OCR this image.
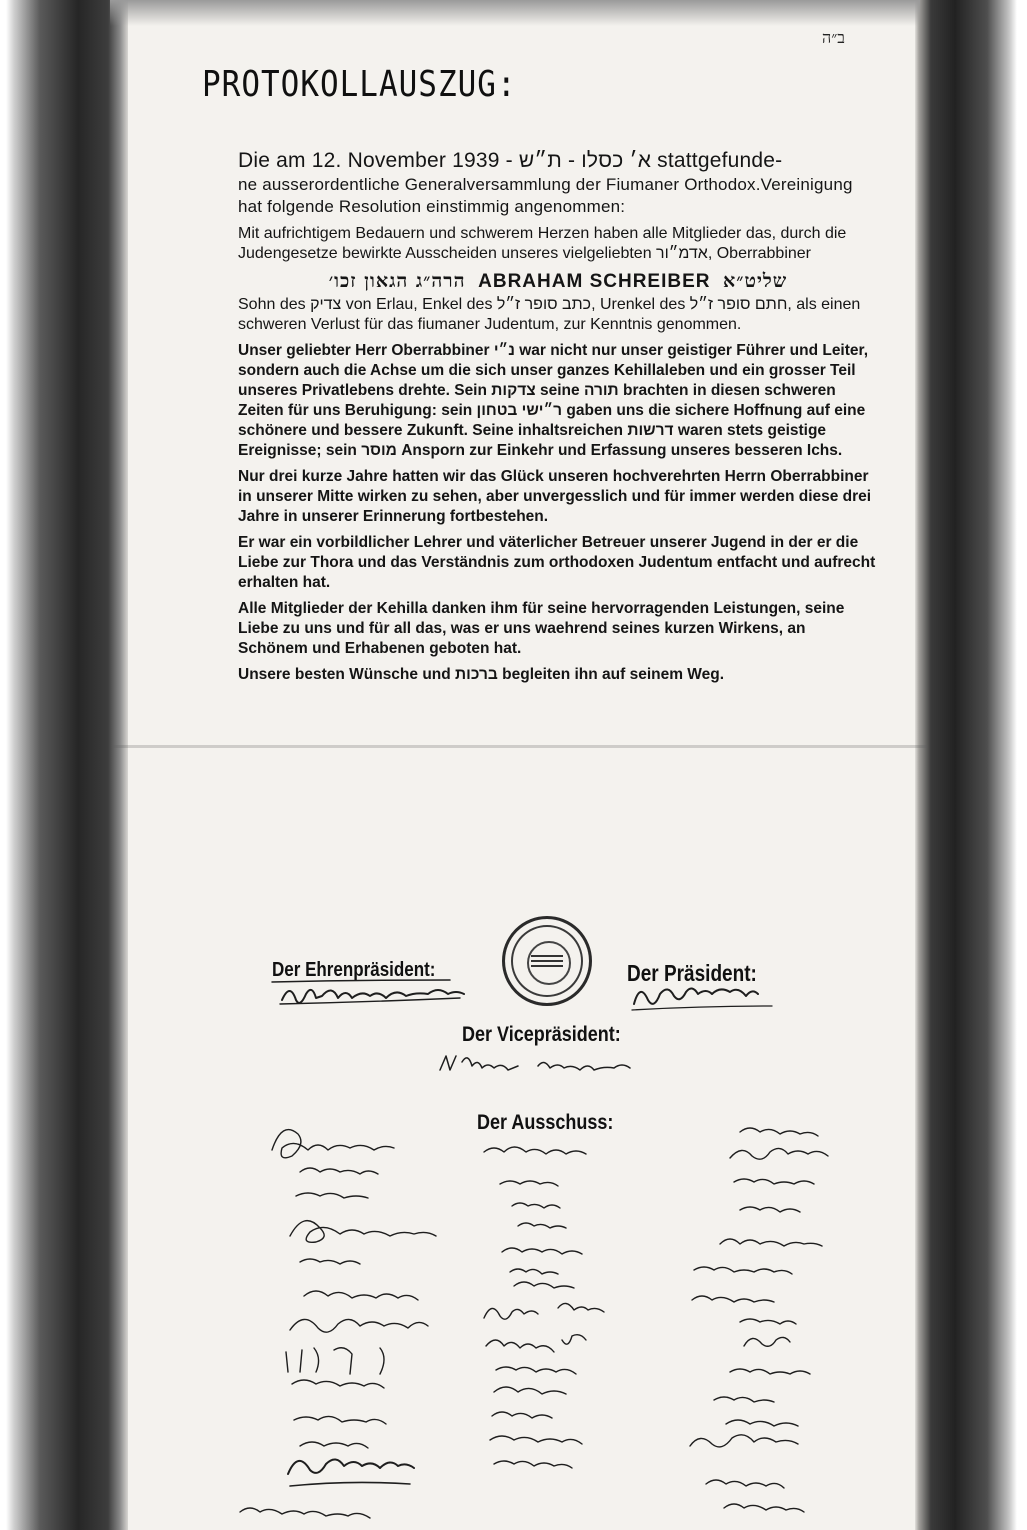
ב״ה
PROTOKOLLAUSZUG:

Die am 12. November 1939 - א׳ כסלו - ת״ש stattgefunde-
ne ausserordentliche Generalversammlung der Fiumaner Orthodox.Vereinigung hat folgende Resolution einstimmig angenommen:

Mit aufrichtigem Bedauern und schwerem Herzen haben alle Mitglieder das, durch die Judengesetze bewirkte Ausscheiden unseres vielgeliebten אדמ״ור, Oberrabbiner

הרה״ג הגאון זכו׳ ABRAHAM SCHREIBER שליט״א

Sohn des צדיק von Erlau, Enkel des כתב סופר ז״ל, Urenkel des חתם סופר ז״ל, als einen schweren Verlust für das fiumaner Judentum, zur Kenntnis genommen.

Unser geliebter Herr Oberrabbiner נ״י war nicht nur unser geistiger Führer und Leiter, sondern auch die Achse um die sich unser ganzes Kehillaleben und ein grosser Teil unseres Privatlebens drehte. Sein צדקות seine תורה brachten in diesen schweren Zeiten für uns Beruhigung: sein ר״ישי בטחון gaben uns die sichere Hoffnung auf eine schönere und bessere Zukunft. Seine inhaltsreichen דרשות waren stets geistige Ereignisse; sein מוסר Ansporn zur Einkehr und Erfassung unseres besseren Ichs.

Nur drei kurze Jahre hatten wir das Glück unseren hochverehrten Herrn Oberrabbiner in unserer Mitte wirken zu sehen, aber unvergesslich und für immer werden diese drei Jahre in unserer Erinnerung fortbestehen.

Er war ein vorbildlicher Lehrer und väterlicher Betreuer unserer Jugend in der er die Liebe zur Thora und das Verständnis zum orthodoxen Judentum entfacht und aufrecht erhalten hat.

Alle Mitglieder der Kehilla danken ihm für seine hervorragenden Leistungen, seine Liebe zu uns und für all das, was er uns waehrend seines kurzen Wirkens, an Schönem und Erhabenen geboten hat.

Unsere besten Wünsche und ברכות begleiten ihn auf seinem Weg.

Der Ehrenpräsident:	Der Präsident:
Der Vicepräsident:
Der Ausschuss:
